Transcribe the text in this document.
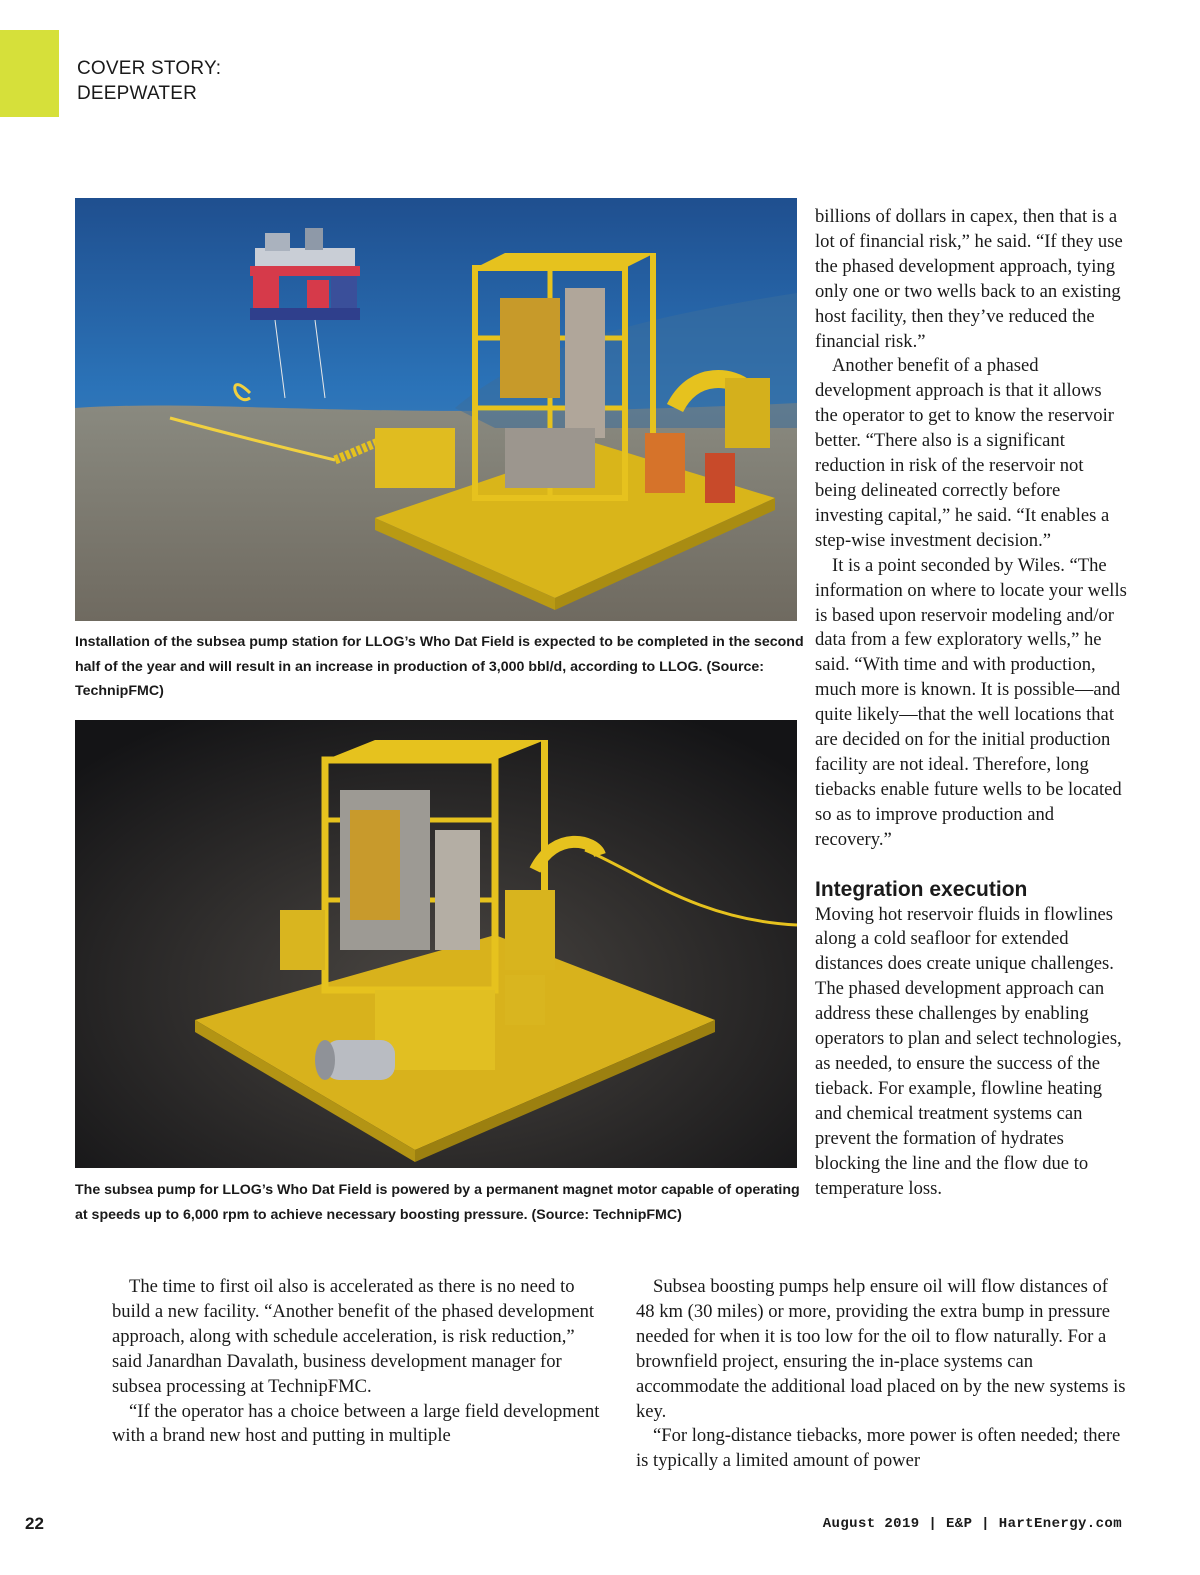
COVER STORY:
DEEPWATER
Installation of the subsea pump station for LLOG’s Who Dat Field is expected to be completed in the second half of the year and will result in an increase in production of 3,000 bbl/d, according to LLOG. (Source: TechnipFMC)
The subsea pump for LLOG’s Who Dat Field is powered by a permanent magnet motor capable of operating at speeds up to 6,000 rpm to achieve necessary boosting pressure. (Source: TechnipFMC)

billions of dollars in capex, then that is a lot of financial risk,” he said. “If they use the phased development approach, tying only one or two wells back to an existing host facility, then they’ve reduced the financial risk.”

Another benefit of a phased development approach is that it allows the operator to get to know the reservoir better. “There also is a significant reduction in risk of the reservoir not being delineated correctly before investing capital,” he said. “It enables a step-wise investment decision.”

It is a point seconded by Wiles. “The information on where to locate your wells is based upon reservoir modeling and/or data from a few exploratory wells,” he said. “With time and with production, much more is known. It is possible—and quite likely—that the well locations that are decided on for the initial production facility are not ideal. Therefore, long tiebacks enable future wells to be located so as to improve production and recovery.”

Integration execution

Moving hot reservoir fluids in flowlines along a cold seafloor for extended distances does create unique challenges. The phased development approach can address these challenges by enabling operators to plan and select technologies, as needed, to ensure the success of the tieback. For example, flowline heating and chemical treatment systems can prevent the formation of hydrates blocking the line and the flow due to temperature loss.

The time to first oil also is accelerated as there is no need to build a new facility. “Another benefit of the phased development approach, along with schedule acceleration, is risk reduction,” said Janardhan Davalath, business development manager for subsea processing at TechnipFMC.

“If the operator has a choice between a large field development with a brand new host and putting in multiple

Subsea boosting pumps help ensure oil will flow distances of 48 km (30 miles) or more, providing the extra bump in pressure needed for when it is too low for the oil to flow naturally. For a brownfield project, ensuring the in-place systems can accommodate the additional load placed on by the new systems is key.

“For long-distance tiebacks, more power is often needed; there is typically a limited amount of power

22	August 2019 | E&P | HartEnergy.com
